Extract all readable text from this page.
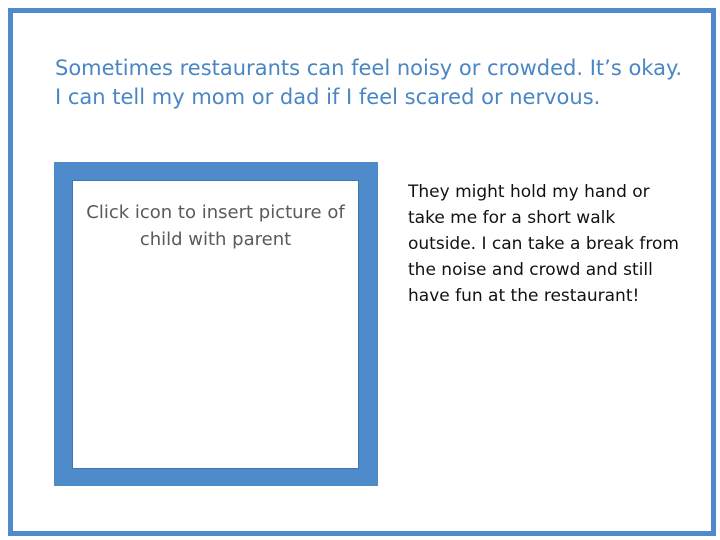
Sometimes restaurants can feel noisy or crowded. It’s okay. I can tell my mom or dad if I feel scared or nervous.

Click icon to insert picture of child with parent

They might hold my hand or take me for a short walk outside. I can take a break from the noise and crowd and still have fun at the restaurant!
